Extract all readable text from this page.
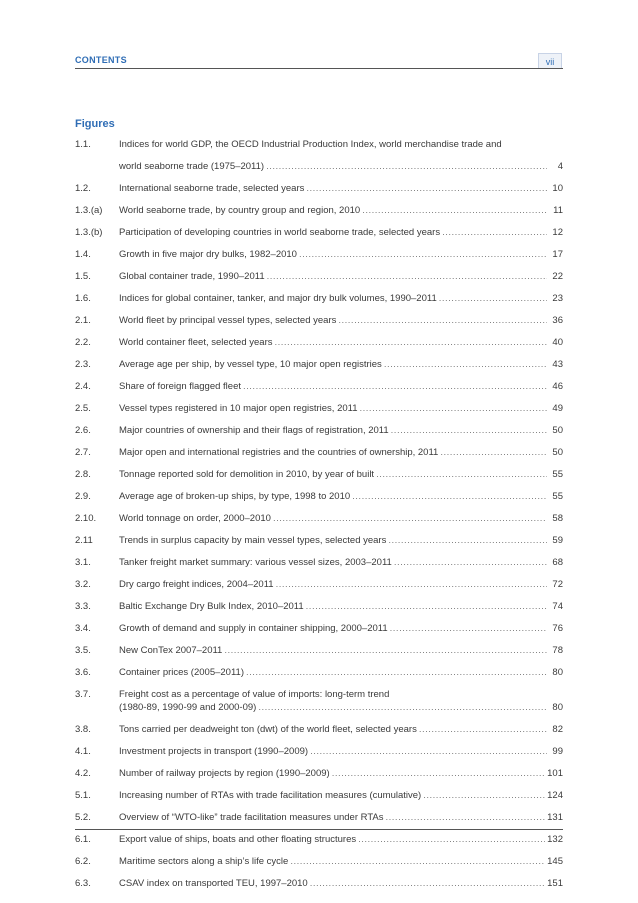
CONTENTS	vii
Figures
1.1.	Indices for world GDP, the OECD Industrial Production Index, world merchandise trade and
world seaborne trade (1975–2011) .....	4
1.2.	International seaborne trade, selected years .....	10
1.3.(a)	World seaborne trade, by country group and region, 2010 .....	11
1.3.(b)	Participation of developing countries in world seaborne trade, selected years .....	12
1.4.	Growth in five major dry bulks, 1982–2010 .....	17
1.5.	Global container trade, 1990–2011 .....	22
1.6.	Indices for global container, tanker, and major dry bulk volumes, 1990–2011 .....	23
2.1.	World fleet by principal vessel types, selected years .....	36
2.2.	World container fleet, selected years .....	40
2.3.	Average age per ship, by vessel type, 10 major open registries .....	43
2.4.	Share of foreign flagged fleet .....	46
2.5.	Vessel types registered in 10 major open registries, 2011 .....	49
2.6.	Major countries of ownership and their flags of registration, 2011 .....	50
2.7.	Major open and international registries and the countries of ownership, 2011 .....	50
2.8.	Tonnage reported sold for demolition in 2010, by year of built .....	55
2.9.	Average age of broken-up ships, by type, 1998 to 2010 .....	55
2.10.	World tonnage on order, 2000–2010 .....	58
2.11	Trends in surplus capacity by main vessel types, selected years .....	59
3.1.	Tanker freight market summary: various vessel sizes, 2003–2011 .....	68
3.2.	Dry cargo freight indices, 2004–2011 .....	72
3.3.	Baltic Exchange Dry Bulk Index, 2010–2011 .....	74
3.4.	Growth of demand and supply in container shipping, 2000–2011 .....	76
3.5.	New ConTex 2007–2011 .....	78
3.6.	Container prices (2005–2011) .....	80
3.7.	Freight cost as a percentage of value of imports: long-term trend
(1980-89, 1990-99 and 2000-09) .....	80
3.8.	Tons carried per deadweight ton (dwt) of the world fleet, selected years .....	82
4.1.	Investment projects in transport (1990–2009) .....	99
4.2.	Number of railway projects by region (1990–2009) .....	101
5.1.	Increasing number of RTAs with trade facilitation measures (cumulative) .....	124
5.2.	Overview of “WTO-like” trade facilitation measures under RTAs .....	131
6.1.	Export value of ships, boats and other floating structures .....	132
6.2.	Maritime sectors along a ship’s life cycle .....	145
6.3.	CSAV index on transported TEU, 1997–2010 .....	151
